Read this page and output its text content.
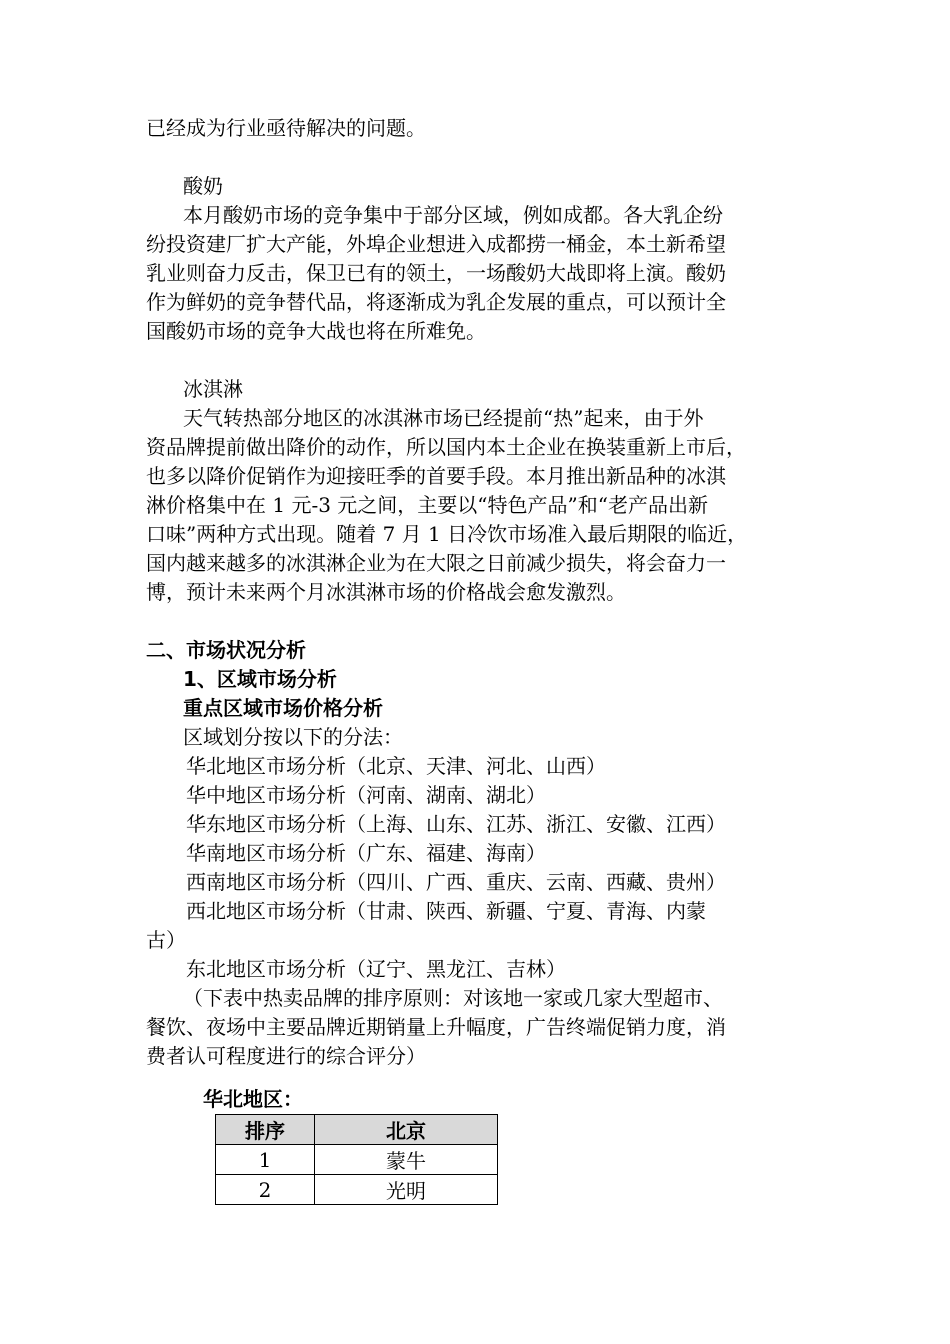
已经成为行业亟待解决的问题。
酸奶
本月酸奶市场的竞争集中于部分区域，例如成都。各大乳企纷
纷投资建厂扩大产能，外埠企业想进入成都捞一桶金，本土新希望
乳业则奋力反击，保卫已有的领土，一场酸奶大战即将上演。酸奶
作为鲜奶的竞争替代品，将逐渐成为乳企发展的重点，可以预计全
国酸奶市场的竞争大战也将在所难免。
冰淇淋
天气转热部分地区的冰淇淋市场已经提前“热”起来，由于外
资品牌提前做出降价的动作，所以国内本土企业在换装重新上市后，
也多以降价促销作为迎接旺季的首要手段。本月推出新品种的冰淇
淋价格集中在 1 元-3 元之间，主要以“特色产品”和“老产品出新
口味”两种方式出现。随着 7 月 1 日冷饮市场准入最后期限的临近，
国内越来越多的冰淇淋企业为在大限之日前减少损失，将会奋力一
博，预计未来两个月冰淇淋市场的价格战会愈发激烈。
二、市场状况分析
1、区域市场分析
重点区域市场价格分析
区域划分按以下的分法：
华北地区市场分析（北京、天津、河北、山西）
华中地区市场分析（河南、湖南、湖北）
华东地区市场分析（上海、山东、江苏、浙江、安徽、江西）
华南地区市场分析（广东、福建、海南）
西南地区市场分析（四川、广西、重庆、云南、西藏、贵州）
西北地区市场分析（甘肃、陕西、新疆、宁夏、青海、内蒙
古）
东北地区市场分析（辽宁、黑龙江、吉林）
（下表中热卖品牌的排序原则：对该地一家或几家大型超市、
餐饮、夜场中主要品牌近期销量上升幅度，广告终端促销力度，消
费者认可程度进行的综合评分）
华北地区：
排序	北京
1	蒙牛
2	光明
